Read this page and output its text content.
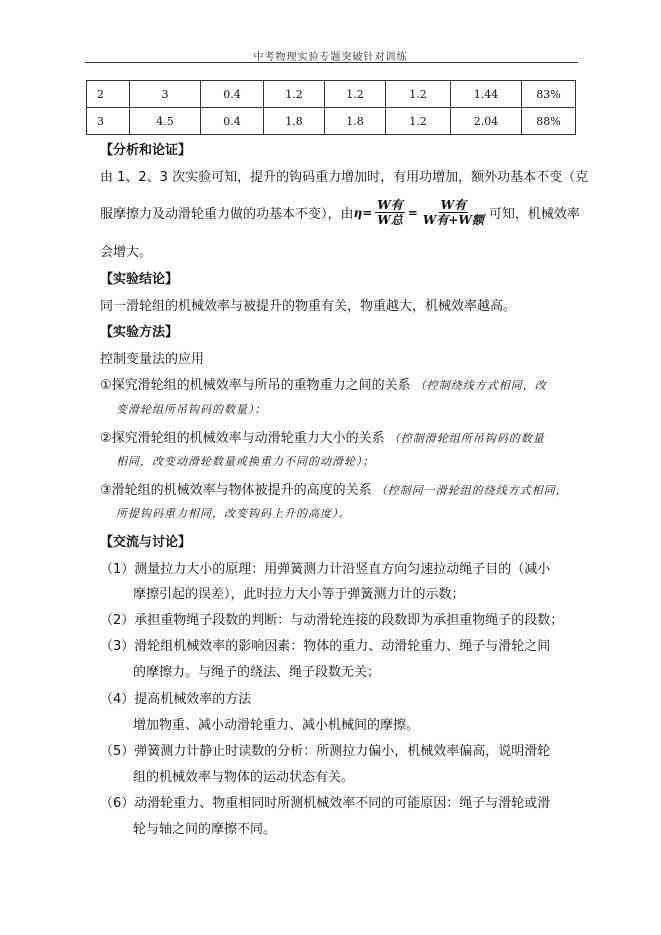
中考物理实验专题突破针对训练
2	3	0.4	1.2	1.2	1.2	1.44	83%
3	4.5	0.4	1.8	1.8	1.2	2.04	88%
【分析和论证】
由 1、2、3 次实验可知，提升的钩码重力增加时，有用功增加，额外功基本不变（克
服摩擦力及动滑轮重力做的功基本不变），由 $\eta= \frac{\text{W有}}{\text{W总}} = \frac{\text{W有}}{\text{W有+W额}}$ 可知，机械效率
会增大。
【实验结论】
同一滑轮组的机械效率与被提升的物重有关，物重越大，机械效率越高。
【实验方法】
控制变量法的应用
①探究滑轮组的机械效率与所吊的重物重力之间的关系 （控制绕线方式相同，改
变滑轮组所吊钩码的数量）；
②探究滑轮组的机械效率与动滑轮重力大小的关系 （控制滑轮组所吊钩码的数量
相同，改变动滑轮数量或换重力不同的动滑轮）；
③滑轮组的机械效率与物体被提升的高度的关系 （控制同一滑轮组的绕线方式相同，
所提钩码重力相同，改变钩码上升的高度）。
【交流与讨论】
（1）测量拉力大小的原理：用弹簧测力计沿竖直方向匀速拉动绳子目的（减小
摩擦引起的误差），此时拉力大小等于弹簧测力计的示数；
（2）承担重物绳子段数的判断：与动滑轮连接的段数即为承担重物绳子的段数；
（3）滑轮组机械效率的影响因素：物体的重力、动滑轮重力、绳子与滑轮之间
的摩擦力。与绳子的绕法、绳子段数无关；
（4）提高机械效率的方法
增加物重、减小动滑轮重力、减小机械间的摩擦。
（5）弹簧测力计静止时读数的分析：所测拉力偏小，机械效率偏高，说明滑轮
组的机械效率与物体的运动状态有关。
（6）动滑轮重力、物重相同时所测机械效率不同的可能原因：绳子与滑轮或滑
轮与轴之间的摩擦不同。
